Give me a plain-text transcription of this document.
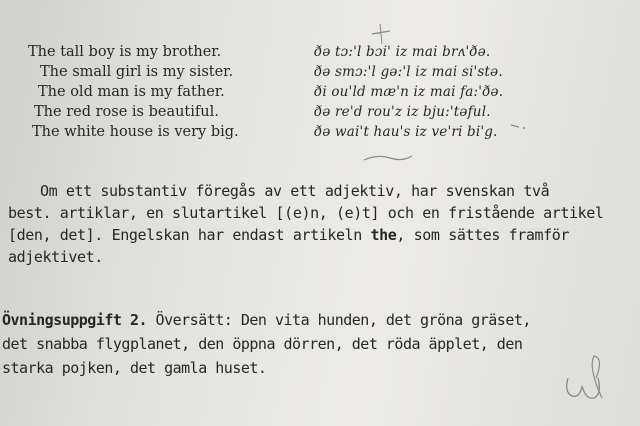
The tall boy is my brother.	ðə tɔ:'l bɔi' iz mai brʌ'ðə.
The small girl is my sister.	ðə smɔ:'l gə:'l iz mai si'stə.
The old man is my father.	ði ou'ld mæ'n iz mai fa:'ðə.
The red rose is beautiful.	ðə re'd rou'z iz bju:'təful.
The white house is very big.	ðə wai't hau's iz ve'ri bi'g.
Om ett substantiv föregås av ett adjektiv, har svenskan två
best. artiklar, en slutartikel [(e)n, (e)t] och en fristående artikel
[den, det]. Engelskan har endast artikeln the, som sättes framför
adjektivet.
Övningsuppgift 2. Översätt: Den vita hunden, det gröna gräset,
det snabba flygplanet, den öppna dörren, det röda äpplet, den
starka pojken, det gamla huset.
